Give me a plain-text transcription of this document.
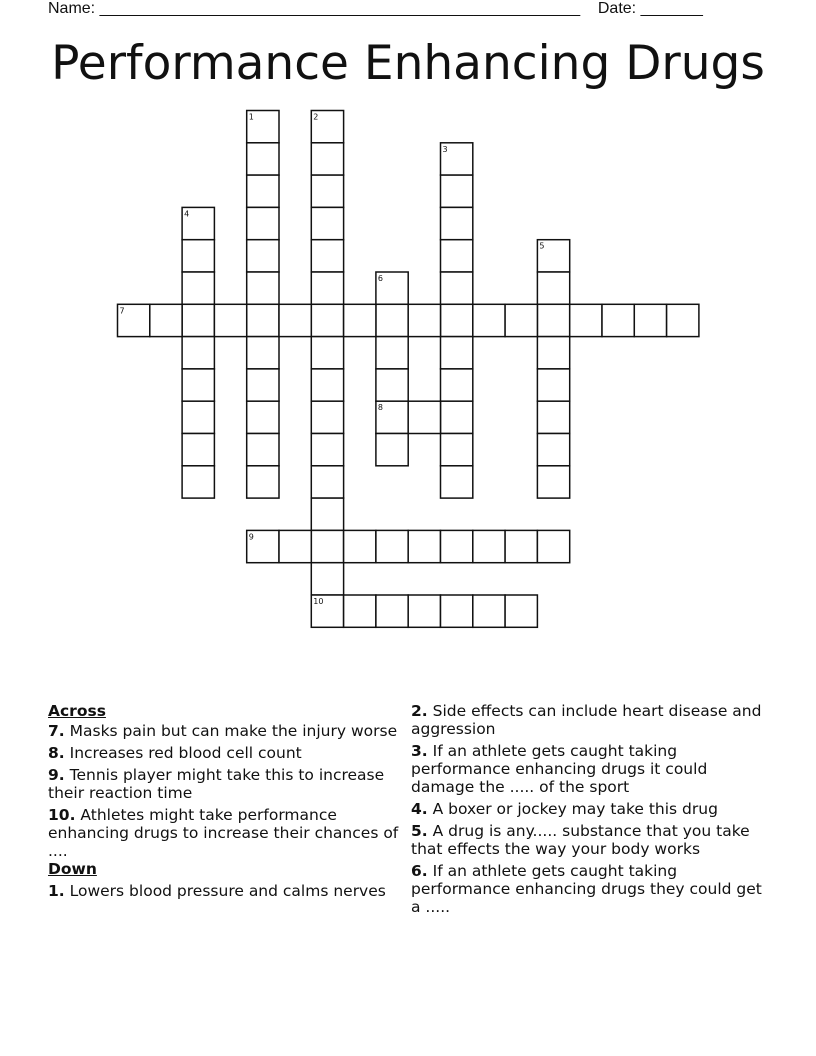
Name: ______________________________________________________ Date: _______
Performance Enhancing Drugs
1	2
3
4
5
6
7
8
9
10
Across
7. Masks pain but can make the injury worse
8. Increases red blood cell count
9. Tennis player might take this to increase their reaction time
10. Athletes might take performance enhancing drugs to increase their chances of ....
Down
1. Lowers blood pressure and calms nerves
2. Side effects can include heart disease and aggression
3. If an athlete gets caught taking performance enhancing drugs it could damage the ..... of the sport
4. A boxer or jockey may take this drug
5. A drug is any..... substance that you take that effects the way your body works
6. If an athlete gets caught taking performance enhancing drugs they could get a .....
